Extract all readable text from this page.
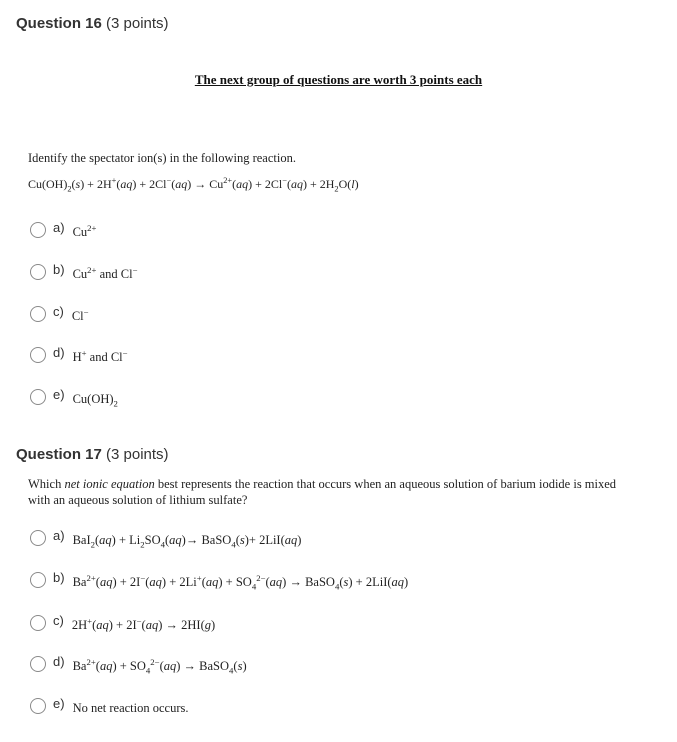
Question 16 (3 points)
The next group of questions are worth 3 points each
Identify the spectator ion(s) in the following reaction.
$Cu(OH)_2(s) + 2H^+(aq) + 2Cl^-(aq) \to Cu^{2+}(aq) + 2Cl^-(aq) + 2H_2O(l)$
a) $Cu^{2+}$
b) $Cu^{2+}$ and Cl−
c) Cl−
d) H+ and Cl−
e) $Cu(OH)_2$
Question 17 (3 points)
Which net ionic equation best represents the reaction that occurs when an aqueous solution of barium iodide is mixed with an aqueous solution of lithium sulfate?
a) $BaI_2(aq) + Li_2SO_4(aq)\to$ BaSO$_4$(s)+ 2LiI(aq)
b) $Ba^{2+}(aq) + 2I^-(aq) + 2Li^+(aq) + SO_4^{2-}(aq)$ → BaSO$_4$(s) + 2LiI(aq)
c) 2H+(aq) + 2I−(aq) → 2HI(g)
d) $Ba^{2+}(aq) + SO_4^{2-}(aq)$ → BaSO$_4$(s)
e) No net reaction occurs.
